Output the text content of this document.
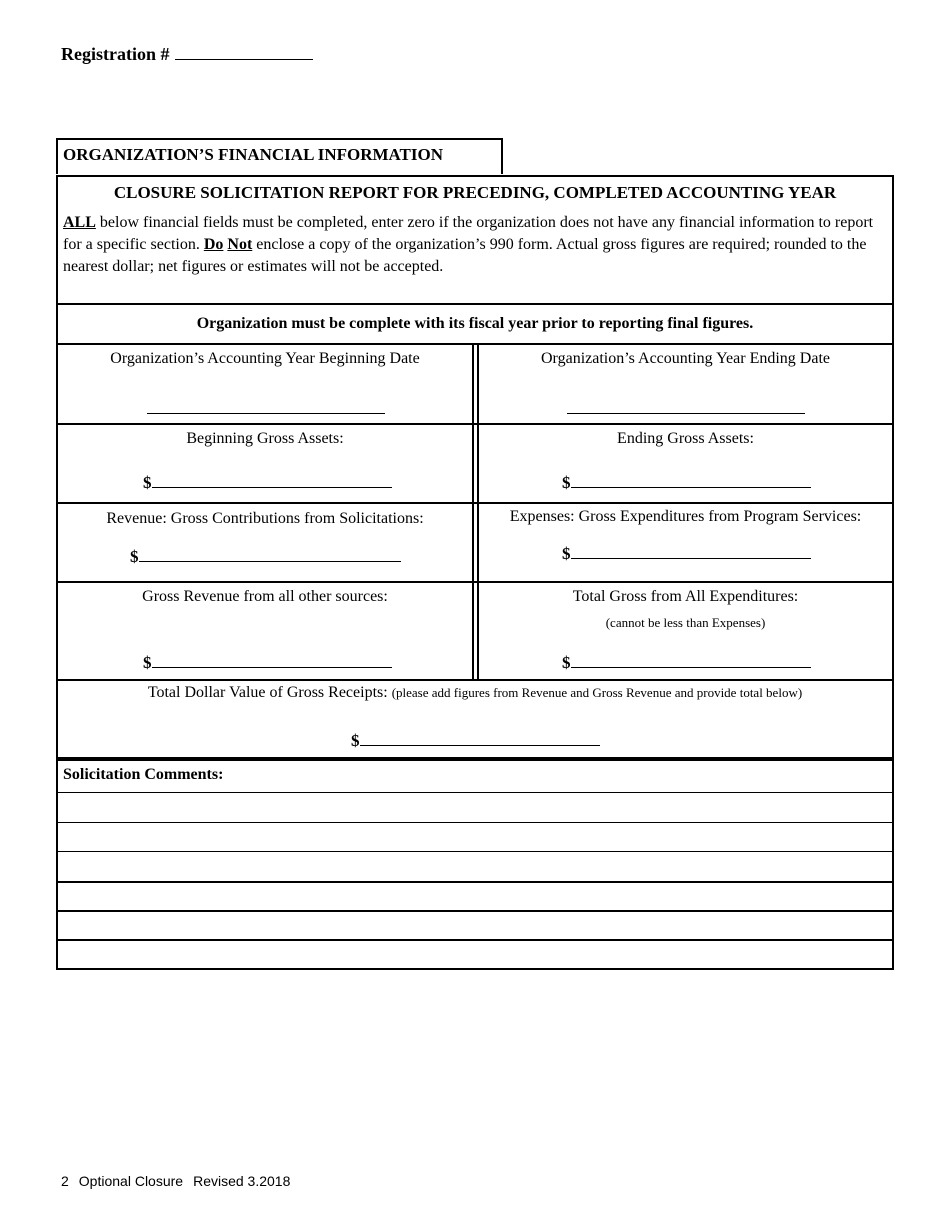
Registration #
ORGANIZATION’S FINANCIAL INFORMATION
CLOSURE SOLICITATION REPORT FOR PRECEDING, COMPLETED ACCOUNTING YEAR
ALL below financial fields must be completed, enter zero if the organization does not have any financial information to report for a specific section. Do Not enclose a copy of the organization’s 990 form. Actual gross figures are required; rounded to the nearest dollar; net figures or estimates will not be accepted.
Organization must be complete with its fiscal year prior to reporting final figures.
Organization’s Accounting Year Beginning Date	Organization’s Accounting Year Ending Date
Beginning Gross Assets:
$
Ending Gross Assets:
$
Revenue: Gross Contributions from Solicitations:
$
Expenses: Gross Expenditures from Program Services:
$
Gross Revenue from all other sources:
$
Total Gross from All Expenditures:
(cannot be less than Expenses)
$
Total Dollar Value of Gross Receipts: (please add figures from Revenue and Gross Revenue and provide total below)
$
Solicitation Comments:
2 Optional Closure Revised 3.2018
